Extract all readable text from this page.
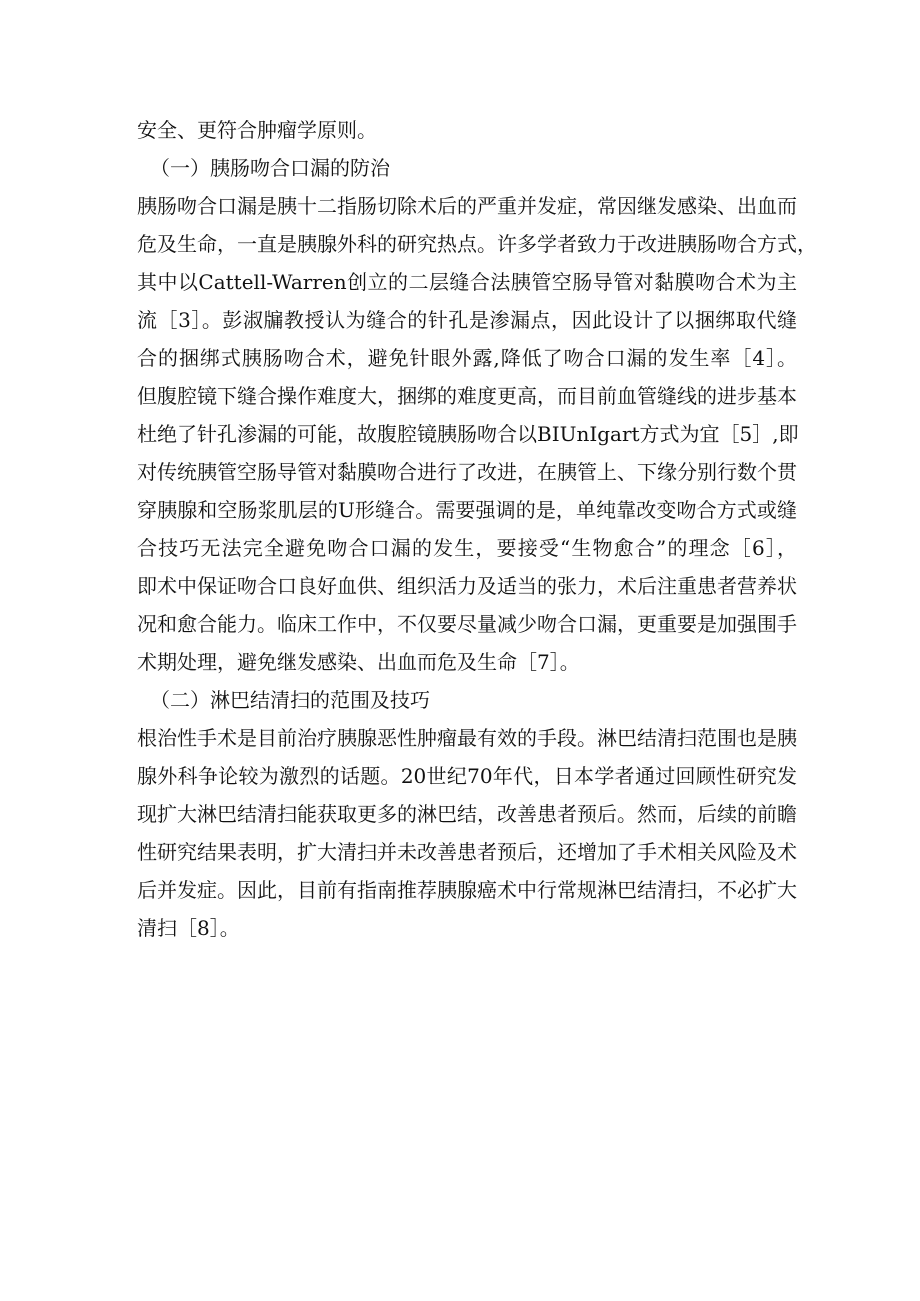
安全、更符合肿瘤学原则。
（一）胰肠吻合口漏的防治
胰肠吻合口漏是胰十二指肠切除术后的严重并发症，常因继发感染、出血而
危及生命，一直是胰腺外科的研究热点。许多学者致力于改进胰肠吻合方式，
其中以Cattell-Warren创立的二层缝合法胰管空肠导管对黏膜吻合术为主
流［3］。彭淑牖教授认为缝合的针孔是渗漏点，因此设计了以捆绑取代缝
合的捆绑式胰肠吻合术，避免针眼外露,降低了吻合口漏的发生率［4］。
但腹腔镜下缝合操作难度大，捆绑的难度更高，而目前血管缝线的进步基本
杜绝了针孔渗漏的可能，故腹腔镜胰肠吻合以BIUnIgart方式为宜［5］,即
对传统胰管空肠导管对黏膜吻合进行了改进，在胰管上、下缘分别行数个贯
穿胰腺和空肠浆肌层的U形缝合。需要强调的是，单纯靠改变吻合方式或缝
合技巧无法完全避免吻合口漏的发生，要接受“生物愈合”的理念［6］，
即术中保证吻合口良好血供、组织活力及适当的张力，术后注重患者营养状
况和愈合能力。临床工作中，不仅要尽量减少吻合口漏，更重要是加强围手
术期处理，避免继发感染、出血而危及生命［7］。
（二）淋巴结清扫的范围及技巧
根治性手术是目前治疗胰腺恶性肿瘤最有效的手段。淋巴结清扫范围也是胰
腺外科争论较为激烈的话题。20世纪70年代，日本学者通过回顾性研究发
现扩大淋巴结清扫能获取更多的淋巴结，改善患者预后。然而，后续的前瞻
性研究结果表明，扩大清扫并未改善患者预后，还增加了手术相关风险及术
后并发症。因此，目前有指南推荐胰腺癌术中行常规淋巴结清扫，不必扩大
清扫［8］。
